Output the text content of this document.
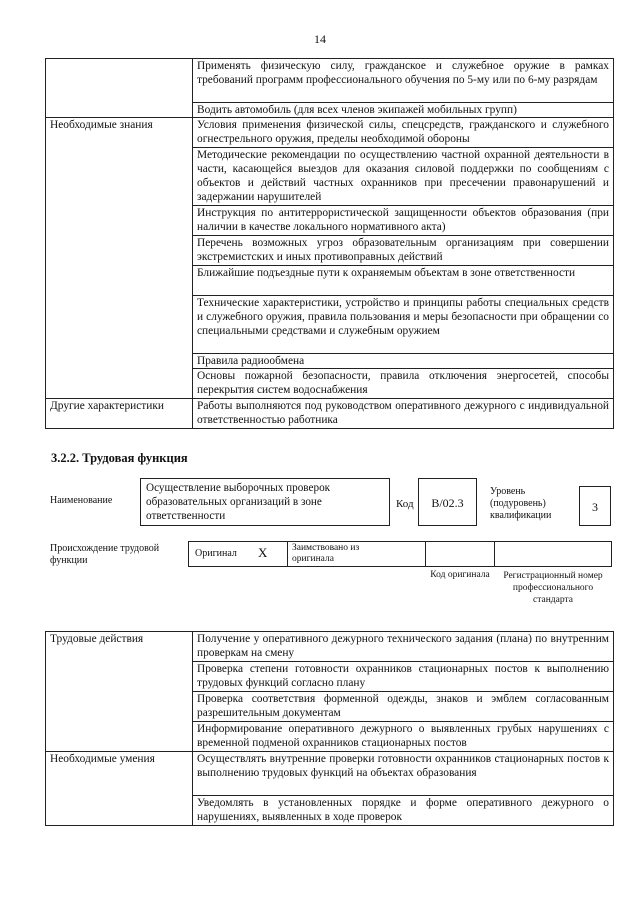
14
	Применять физическую силу, гражданское и служебное оружие в рамках требований программ профессионального обучения по 5-му или по 6-му разрядам
	Водить автомобиль (для всех членов экипажей мобильных групп)
Необходимые знания	Условия применения физической силы, спецсредств, гражданского и служебного огнестрельного оружия, пределы необходимой обороны
	Методические рекомендации по осуществлению частной охранной деятельности в части, касающейся выездов для оказания силовой поддержки по сообщениям с объектов и действий частных охранников при пресечении правонарушений и задержании нарушителей
	Инструкция по антитеррористической защищенности объектов образования (при наличии в качестве локального нормативного акта)
	Перечень возможных угроз образовательным организациям при совершении экстремистских и иных противоправных действий
	Ближайшие подъездные пути к охраняемым объектам в зоне ответственности
	Технические характеристики, устройство и принципы работы специальных средств и служебного оружия, правила пользования и меры безопасности при обращении со специальными средствами и служебным оружием
	Правила радиообмена
	Основы пожарной безопасности, правила отключения энергосетей, способы перекрытия систем водоснабжения
Другие характеристики	Работы выполняются под руководством оперативного дежурного с индивидуальной ответственностью работника
3.2.2. Трудовая функция
Наименование
Осуществление выборочных проверок образовательных организаций в зоне ответственности
Код	В/02.3
Уровень (подуровень) квалификации
3
Происхождение трудовой функции
Оригинал X	Заимствовано из оригинала
Код оригинала	Регистрационный номер профессионального стандарта
Трудовые действия	Получение у оперативного дежурного технического задания (плана) по внутренним проверкам на смену
	Проверка степени готовности охранников стационарных постов к выполнению трудовых функций согласно плану
	Проверка соответствия форменной одежды, знаков и эмблем согласованным разрешительным документам
	Информирование оперативного дежурного о выявленных грубых нарушениях с временной подменой охранников стационарных постов
Необходимые умения	Осуществлять внутренние проверки готовности охранников стационарных постов к выполнению трудовых функций на объектах образования
	Уведомлять в установленных порядке и форме оперативного дежурного о нарушениях, выявленных в ходе проверок
